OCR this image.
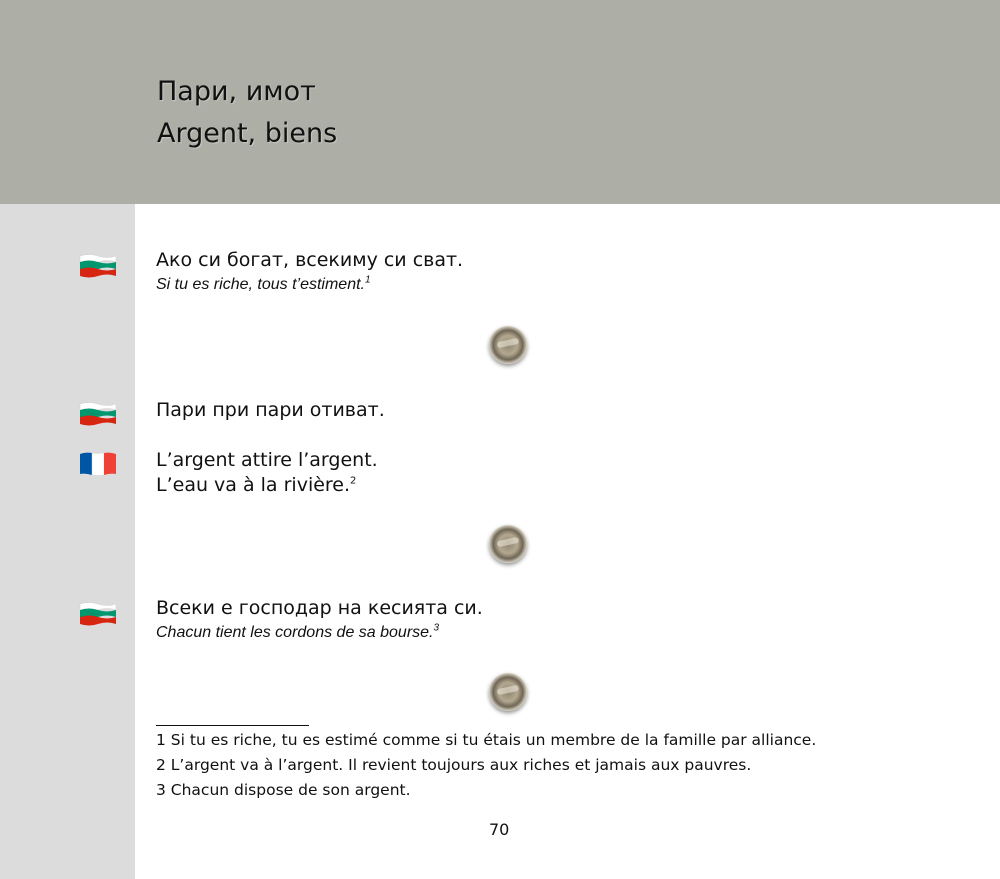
Пари, имот
Argent, biens
Ако си богат, всекиму си сват.
Si tu es riche, tous t’estiment.$^1$
Пари при пари отиват.
L’argent attire l’argent.
L’eau va à la rivière.$^2$
Всеки е господар на кесията си.
Chacun tient les cordons de sa bourse.$^3$
1 Si tu es riche, tu es estimé comme si tu étais un membre de la famille par alliance.
2 L’argent va à l’argent. Il revient toujours aux riches et jamais aux pauvres.
3 Chacun dispose de son argent.
70
